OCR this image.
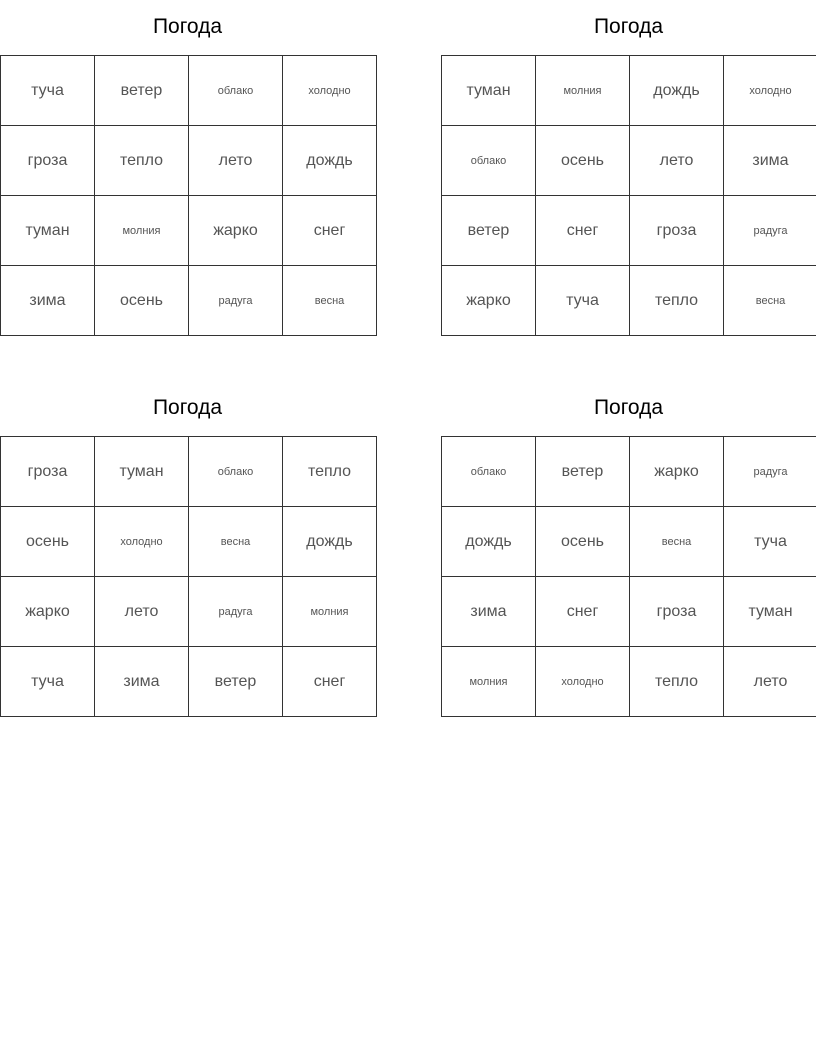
Погода
туча	ветер	облако	холодно
гроза	тепло	лето	дождь
туман	молния	жарко	снег
зима	осень	радуга	весна
Погода
туман	молния	дождь	холодно
облако	осень	лето	зима
ветер	снег	гроза	радуга
жарко	туча	тепло	весна
Погода
гроза	туман	облако	тепло
осень	холодно	весна	дождь
жарко	лето	радуга	молния
туча	зима	ветер	снег
Погода
облако	ветер	жарко	радуга
дождь	осень	весна	туча
зима	снег	гроза	туман
молния	холодно	тепло	лето
